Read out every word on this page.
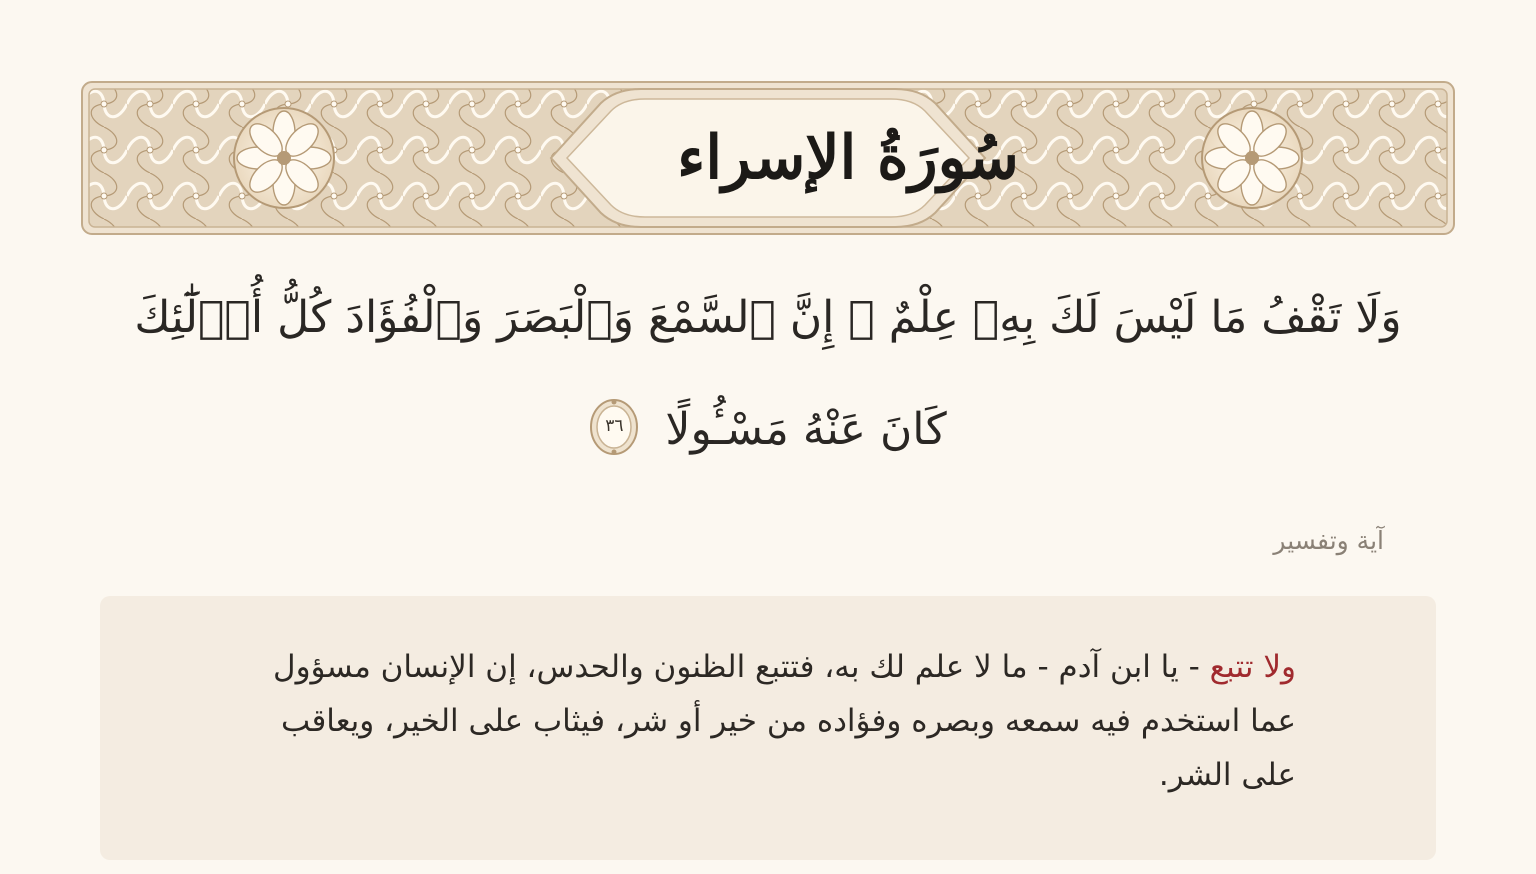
سُورَةُ الإسراء
وَلَا تَقْفُ مَا لَيْسَ لَكَ بِهِۦ عِلْمٌ ۚ إِنَّ ٱلسَّمْعَ وَٱلْبَصَرَ وَٱلْفُؤَادَ كُلُّ أُو۟لَٰٓئِكَ كَانَ عَنْهُ مَسْـُٔولًا
٣٦
آية وتفسير
ولا تتبع - يا ابن آدم - ما لا علم لك به، فتتبع الظنون والحدس، إن الإنسان مسؤول عما استخدم فيه سمعه وبصره وفؤاده من خير أو شر، فيثاب على الخير، ويعاقب على الشر.
